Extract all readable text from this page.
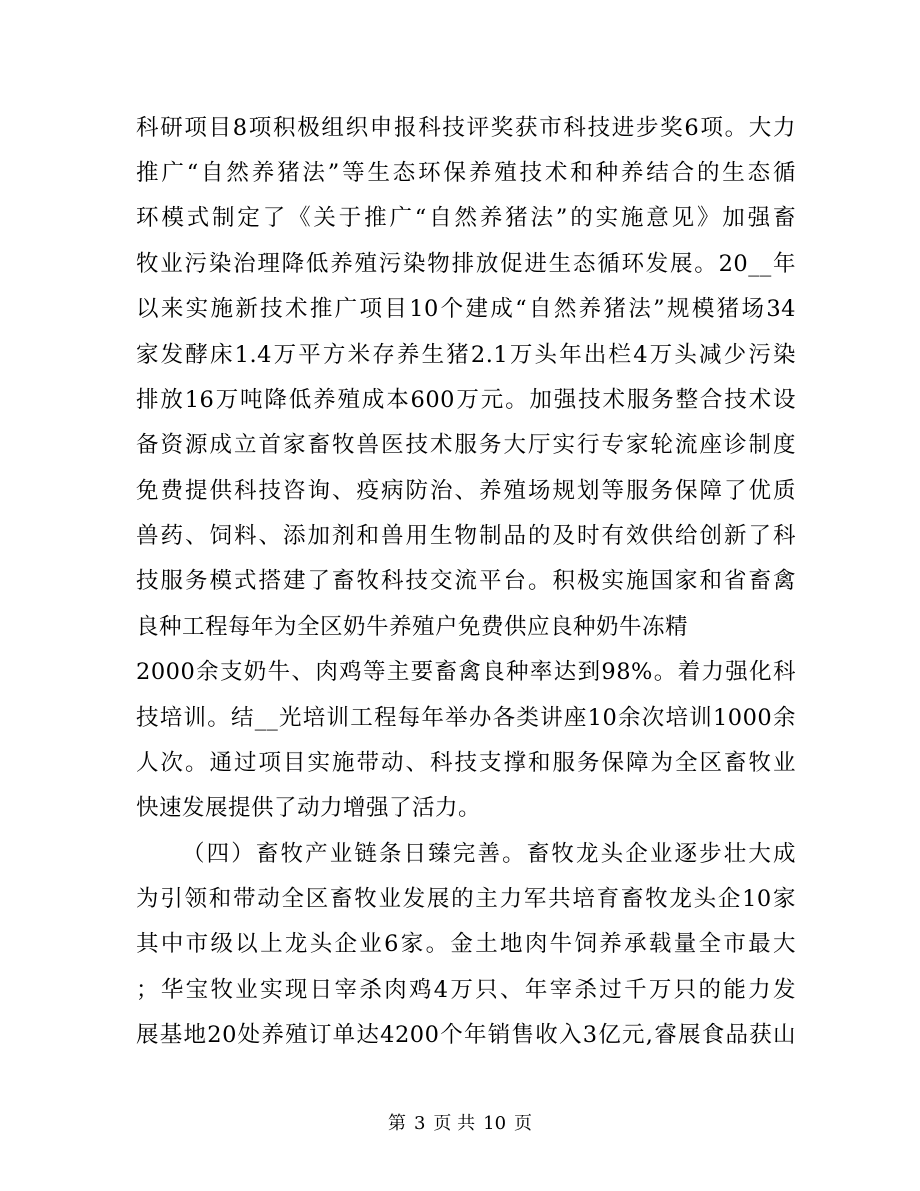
科研项目8项积极组织申报科技评奖获市科技进步奖6项。大力
推广“自然养猪法”等生态环保养殖技术和种养结合的生态循
环模式制定了《关于推广“自然养猪法”的实施意见》加强畜
牧业污染治理降低养殖污染物排放促进生态循环发展。20__年
以来实施新技术推广项目10个建成“自然养猪法”规模猪场34
家发酵床1.4万平方米存养生猪2.1万头年出栏4万头减少污染
排放16万吨降低养殖成本600万元。加强技术服务整合技术设
备资源成立首家畜牧兽医技术服务大厅实行专家轮流座诊制度
免费提供科技咨询、疫病防治、养殖场规划等服务保障了优质
兽药、饲料、添加剂和兽用生物制品的及时有效供给创新了科
技服务模式搭建了畜牧科技交流平台。积极实施国家和省畜禽
良种工程每年为全区奶牛养殖户免费供应良种奶牛冻精
2000余支奶牛、肉鸡等主要畜禽良种率达到98%。着力强化科
技培训。结__光培训工程每年举办各类讲座10余次培训1000余
人次。通过项目实施带动、科技支撑和服务保障为全区畜牧业
快速发展提供了动力增强了活力。
（四）畜牧产业链条日臻完善。畜牧龙头企业逐步壮大成
为引领和带动全区畜牧业发展的主力军共培育畜牧龙头企10家
其中市级以上龙头企业6家。金土地肉牛饲养承载量全市最大
；华宝牧业实现日宰杀肉鸡4万只、年宰杀过千万只的能力发
展基地20处养殖订单达4200个年销售收入3亿元,睿展食品获山
第 3 页 共 10 页
